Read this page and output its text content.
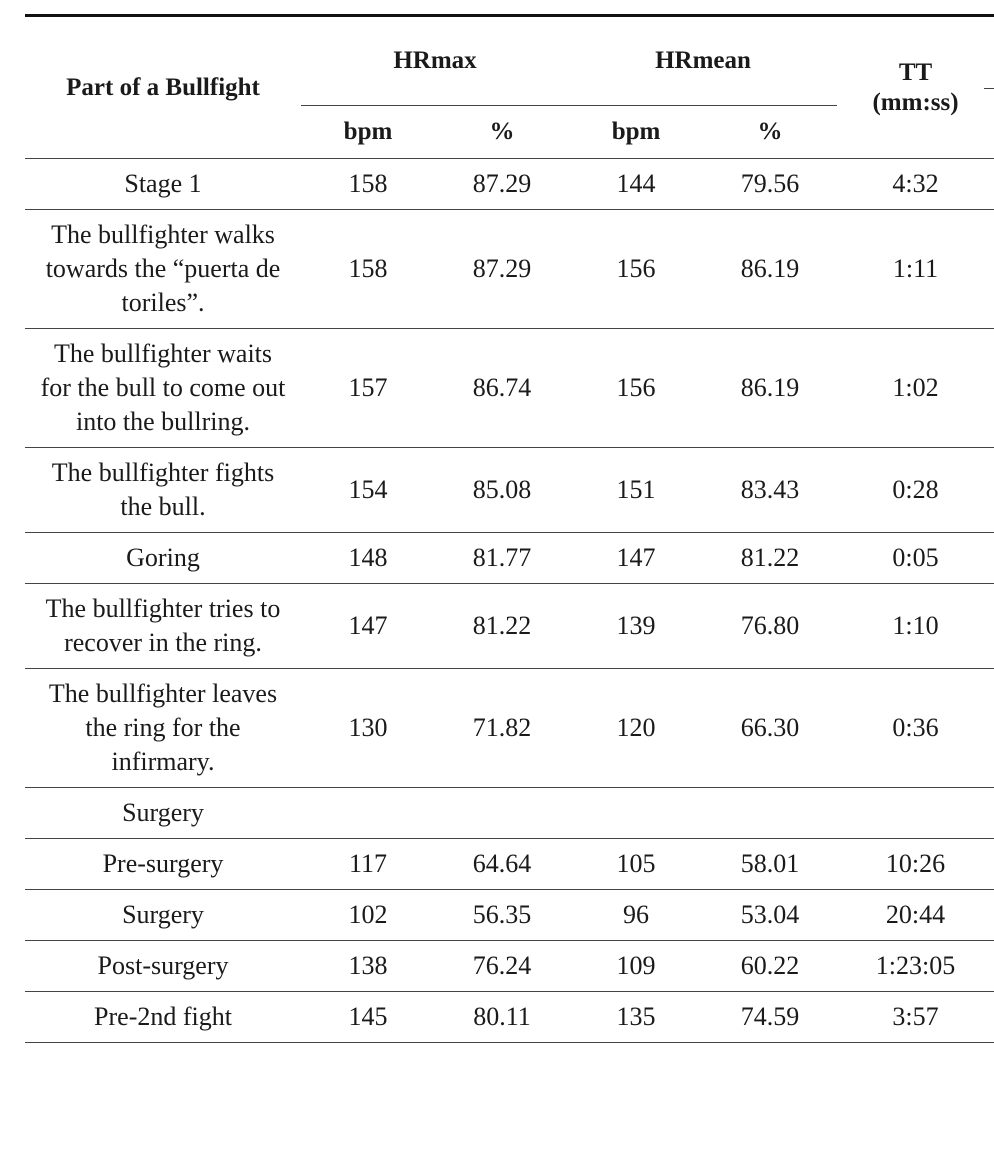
Part of a Bullfight	HRmax		HRmean		TT
(mm:ss)

	bpm	%	bpm	%	
Stage 1	158	87.29	144	79.56	4:32
The bullfighter walks towards the “puerta de toriles”.	158	87.29	156	86.19	1:11
The bullfighter waits for the bull to come out into the bullring.	157	86.74	156	86.19	1:02
The bullfighter fights the bull.	154	85.08	151	83.43	0:28
Goring	148	81.77	147	81.22	0:05
The bullfighter tries to recover in the ring.	147	81.22	139	76.80	1:10
The bullfighter leaves the ring for the infirmary.	130	71.82	120	66.30	0:36
Surgery					
Pre-surgery	117	64.64	105	58.01	10:26
Surgery	102	56.35	96	53.04	20:44
Post-surgery	138	76.24	109	60.22	1:23:05
Pre-2nd fight	145	80.11	135	74.59	3:57
